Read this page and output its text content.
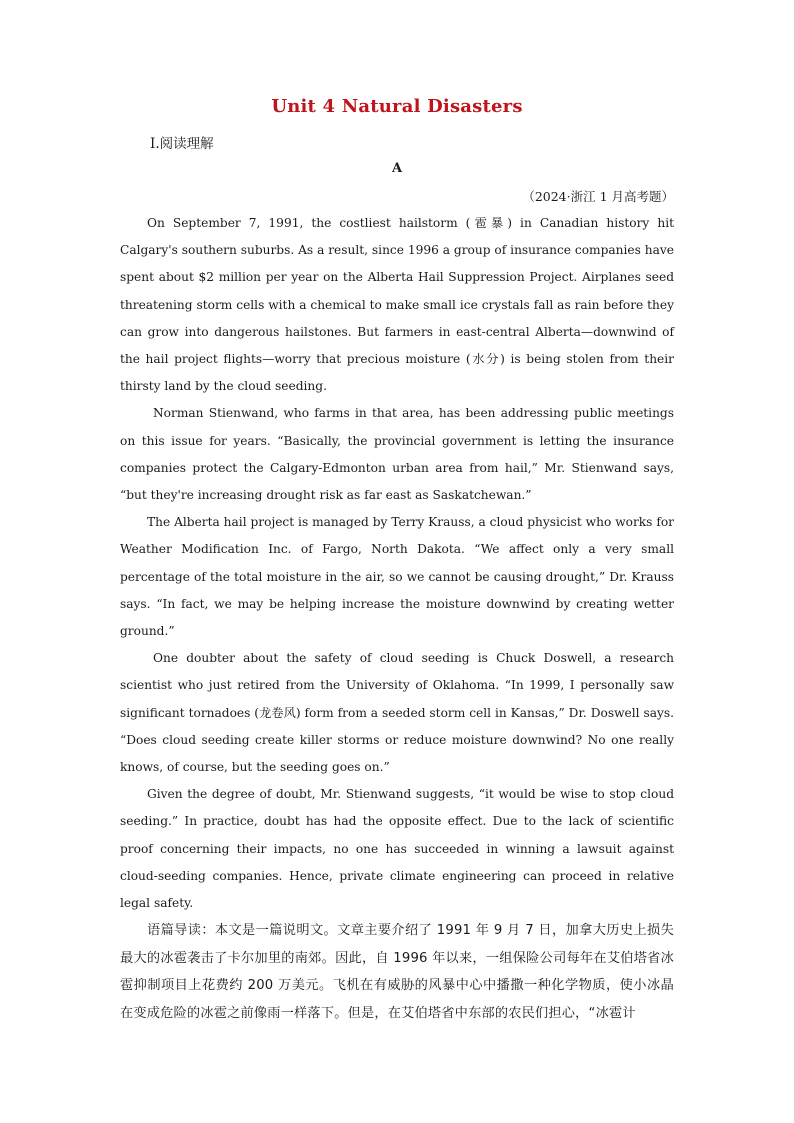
Unit 4 Natural Disasters
Ⅰ.阅读理解
A
（2024·浙江 1 月高考题）

On September 7, 1991, the costliest hailstorm (雹暴) in Canadian history hit Calgary's southern suburbs. As a result, since 1996 a group of insurance companies have spent about $2 million per year on the Alberta Hail Suppression Project. Airplanes seed threatening storm cells with a chemical to make small ice crystals fall as rain before they can grow into dangerous hailstones. But farmers in east-central Alberta—downwind of the hail project flights—worry that precious moisture (水分) is being stolen from their thirsty land by the cloud seeding.

Norman Stienwand, who farms in that area, has been addressing public meetings on this issue for years. “Basically, the provincial government is letting the insurance companies protect the Calgary-Edmonton urban area from hail,” Mr. Stienwand says, “but they're increasing drought risk as far east as Saskatchewan.”

The Alberta hail project is managed by Terry Krauss, a cloud physicist who works for Weather Modification Inc. of Fargo, North Dakota. “We affect only a very small percentage of the total moisture in the air, so we cannot be causing drought,” Dr. Krauss says. “In fact, we may be helping increase the moisture downwind by creating wetter ground.”

One doubter about the safety of cloud seeding is Chuck Doswell, a research scientist who just retired from the University of Oklahoma. “In 1999, I personally saw significant tornadoes (龙卷风) form from a seeded storm cell in Kansas,” Dr. Doswell says. “Does cloud seeding create killer storms or reduce moisture downwind? No one really knows, of course, but the seeding goes on.”

Given the degree of doubt, Mr. Stienwand suggests, “it would be wise to stop cloud seeding.” In practice, doubt has had the opposite effect. Due to the lack of scientific proof concerning their impacts, no one has succeeded in winning a lawsuit against cloud-seeding companies. Hence, private climate engineering can proceed in relative legal safety.

语篇导读：本文是一篇说明文。文章主要介绍了 1991 年 9 月 7 日，加拿大历史上损失最大的冰雹袭击了卡尔加里的南郊。因此，自 1996 年以来，一组保险公司每年在艾伯塔省冰雹抑制项目上花费约 200 万美元。飞机在有威胁的风暴中心中播撒一种化学物质，使小冰晶在变成危险的冰雹之前像雨一样落下。但是，在艾伯塔省中东部的农民们担心，“冰雹计
